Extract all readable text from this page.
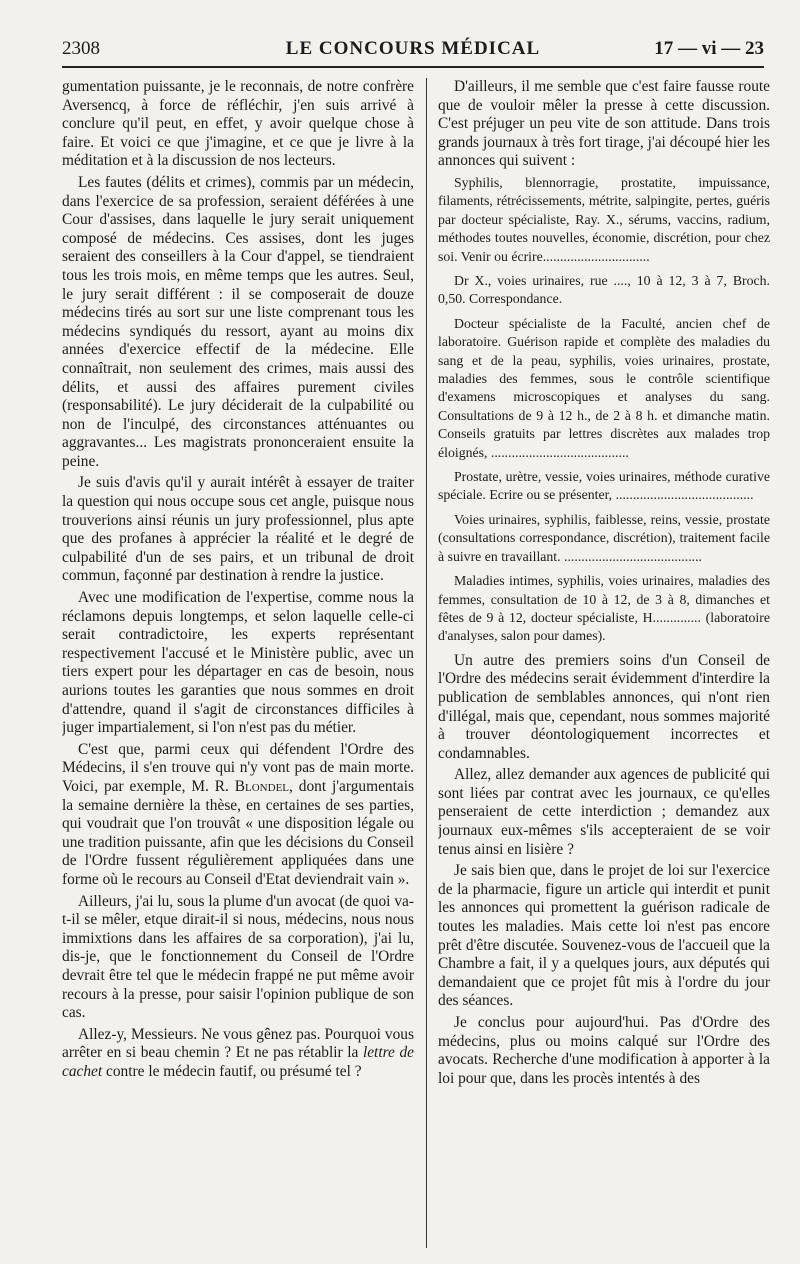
2308	LE CONCOURS MÉDICAL	17 — vi — 23

gumentation puissante, je le reconnais, de notre confrère Aversencq, à force de réfléchir, j'en suis arrivé à conclure qu'il peut, en effet, y avoir quelque chose à faire. Et voici ce que j'imagine, et ce que je livre à la méditation et à la discussion de nos lecteurs.

Les fautes (délits et crimes), commis par un médecin, dans l'exercice de sa profession, seraient déférées à une Cour d'assises, dans laquelle le jury serait uniquement composé de médecins. Ces assises, dont les juges seraient des conseillers à la Cour d'appel, se tiendraient tous les trois mois, en même temps que les autres. Seul, le jury serait différent : il se composerait de douze médecins tirés au sort sur une liste comprenant tous les médecins syndiqués du ressort, ayant au moins dix années d'exercice effectif de la médecine. Elle connaîtrait, non seulement des crimes, mais aussi des délits, et aussi des affaires purement civiles (responsabilité). Le jury déciderait de la culpabilité ou non de l'inculpé, des circonstances atténuantes ou aggravantes... Les magistrats prononceraient ensuite la peine.

Je suis d'avis qu'il y aurait intérêt à essayer de traiter la question qui nous occupe sous cet angle, puisque nous trouverions ainsi réunis un jury professionnel, plus apte que des profanes à apprécier la réalité et le degré de culpabilité d'un de ses pairs, et un tribunal de droit commun, façonné par destination à rendre la justice.

Avec une modification de l'expertise, comme nous la réclamons depuis longtemps, et selon laquelle celle-ci serait contradictoire, les experts représentant respectivement l'accusé et le Ministère public, avec un tiers expert pour les départager en cas de besoin, nous aurions toutes les garanties que nous sommes en droit d'attendre, quand il s'agit de circonstances difficiles à juger impartialement, si l'on n'est pas du métier.

C'est que, parmi ceux qui défendent l'Ordre des Médecins, il s'en trouve qui n'y vont pas de main morte. Voici, par exemple, M. R. Blondel, dont j'argumentais la semaine dernière la thèse, en certaines de ses parties, qui voudrait que l'on trouvât « une disposition légale ou une tradition puissante, afin que les décisions du Conseil de l'Ordre fussent régulièrement appliquées dans une forme où le recours au Conseil d'Etat deviendrait vain ».

Ailleurs, j'ai lu, sous la plume d'un avocat (de quoi va-t-il se mêler, etque dirait-il si nous, médecins, nous nous immixtions dans les affaires de sa corporation), j'ai lu, dis-je, que le fonctionnement du Conseil de l'Ordre devrait être tel que le médecin frappé ne put même avoir recours à la presse, pour saisir l'opinion publique de son cas.

Allez-y, Messieurs. Ne vous gênez pas. Pourquoi vous arrêter en si beau chemin ? Et ne pas rétablir la lettre de cachet contre le médecin fautif, ou présumé tel ?

D'ailleurs, il me semble que c'est faire fausse route que de vouloir mêler la presse à cette discussion. C'est préjuger un peu vite de son attitude. Dans trois grands journaux à très fort tirage, j'ai découpé hier les annonces qui suivent :

Syphilis, blennorragie, prostatite, impuissance, filaments, rétrécissements, métrite, salpingite, pertes, guéris par docteur spécialiste, Ray. X., sérums, vaccins, radium, méthodes toutes nouvelles, économie, discrétion, pour chez soi. Venir ou écrire...............................

Dr X., voies urinaires, rue ...., 10 à 12, 3 à 7, Broch. 0,50. Correspondance.

Docteur spécialiste de la Faculté, ancien chef de laboratoire. Guérison rapide et complète des maladies du sang et de la peau, syphilis, voies urinaires, prostate, maladies des femmes, sous le contrôle scientifique d'examens microscopiques et analyses du sang. Consultations de 9 à 12 h., de 2 à 8 h. et dimanche matin. Conseils gratuits par lettres discrètes aux malades trop éloignés, ........................................

Prostate, urètre, vessie, voies urinaires, méthode curative spéciale. Ecrire ou se présenter, ........................................

Voies urinaires, syphilis, faiblesse, reins, vessie, prostate (consultations correspondance, discrétion), traitement facile à suivre en travaillant. ........................................

Maladies intimes, syphilis, voies urinaires, maladies des femmes, consultation de 10 à 12, de 3 à 8, dimanches et fêtes de 9 à 12, docteur spécialiste, H.............. (laboratoire d'analyses, salon pour dames).

Un autre des premiers soins d'un Conseil de l'Ordre des médecins serait évidemment d'interdire la publication de semblables annonces, qui n'ont rien d'illégal, mais que, cependant, nous sommes majorité à trouver déontologiquement incorrectes et condamnables.

Allez, allez demander aux agences de publicité qui sont liées par contrat avec les journaux, ce qu'elles penseraient de cette interdiction ; demandez aux journaux eux-mêmes s'ils accepteraient de se voir tenus ainsi en lisière ?

Je sais bien que, dans le projet de loi sur l'exercice de la pharmacie, figure un article qui interdit et punit les annonces qui promettent la guérison radicale de toutes les maladies. Mais cette loi n'est pas encore prêt d'être discutée. Souvenez-vous de l'accueil que la Chambre a fait, il y a quelques jours, aux députés qui demandaient que ce projet fût mis à l'ordre du jour des séances.

Je conclus pour aujourd'hui. Pas d'Ordre des médecins, plus ou moins calqué sur l'Ordre des avocats. Recherche d'une modification à apporter à la loi pour que, dans les procès intentés à des
